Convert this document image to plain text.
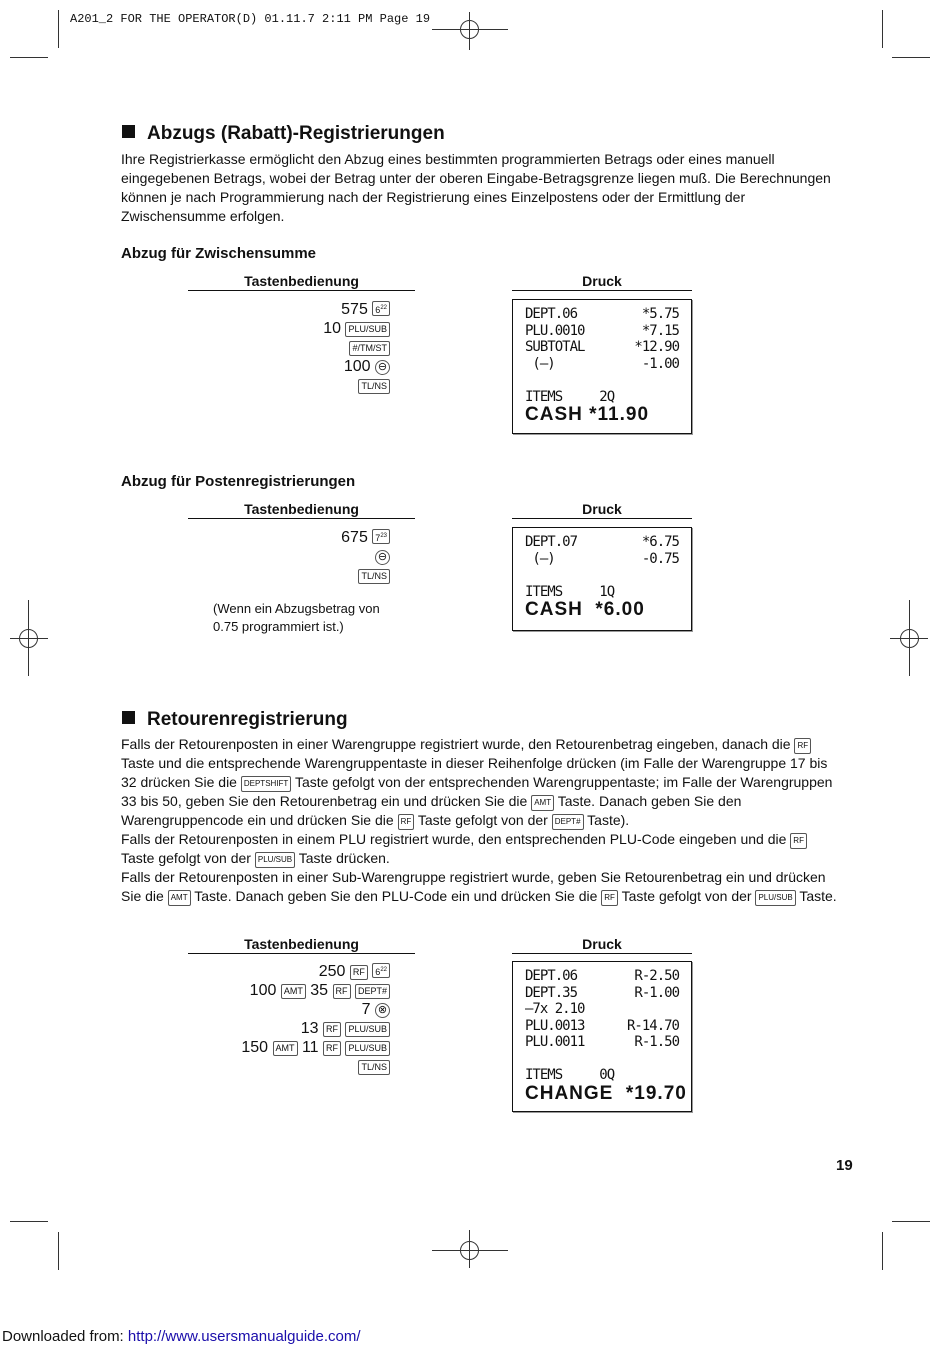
A201_2 FOR THE OPERATOR(D) 01.11.7 2:11 PM Page 19
Abzugs (Rabatt)-Registrierungen
Ihre Registrierkasse ermöglicht den Abzug eines bestimmten programmierten Betrags oder eines manuell eingegebenen Betrags, wobei der Betrag unter der oberen Eingabe-Betragsgrenze liegen muß. Die Berechnungen können je nach Programmierung nach der Registrierung eines Einzelpostens oder der Ermittlung der Zwischensumme erfolgen.
Abzug für Zwischensumme
Tastenbedienung	Druck
575 $6^{22}$
10 PLU/SUB
#/TM/ST
100 ⊖
TL/NS
DEPT.06	*5.75
PLU.0010	*7.15
SUBTOTAL	*12.90
(—)	-1.00

ITEMS     2Q
CASH *11.90
Abzug für Postenregistrierungen
Tastenbedienung	Druck
675 $7^{23}$
⊖
TL/NS
(Wenn ein Abzugsbetrag von 0.75 programmiert ist.)
DEPT.07	*6.75
(—)	-0.75

ITEMS     1Q
CASH  *6.00
Retourenregistrierung
Falls der Retourenposten in einer Warengruppe registriert wurde, den Retourenbetrag eingeben, danach die RF Taste und die entsprechende Warengruppentaste in dieser Reihenfolge drücken (im Falle der Warengruppe 17 bis 32 drücken Sie die DEPTSHIFT Taste gefolgt von der entsprechenden Warengruppentaste; im Falle der Warengruppen 33 bis 50, geben Sie den Retourenbetrag ein und drücken Sie die AMT Taste. Danach geben Sie den Warengruppencode ein und drücken Sie die RF Taste gefolgt von der DEPT# Taste).
Falls der Retourenposten in einem PLU registriert wurde, den entsprechenden PLU-Code eingeben und die RF Taste gefolgt von der PLU/SUB Taste drücken.
Falls der Retourenposten in einer Sub-Warengruppe registriert wurde, geben Sie Retourenbetrag ein und drücken Sie die AMT Taste. Danach geben Sie den PLU-Code ein und drücken Sie die RF Taste gefolgt von der PLU/SUB Taste.
Tastenbedienung	Druck
250 RF $6^{22}$
100 AMT 35 RF DEPT#
7 ⊗
13 RF PLU/SUB
150 AMT 11 RF PLU/SUB
TL/NS
DEPT.06	R-2.50
DEPT.35	R-1.00
—7x 2.10
PLU.0013	R-14.70
PLU.0011	R-1.50

ITEMS     0Q
CHANGE  *19.70
19
Downloaded from: http://www.usersmanualguide.com/
